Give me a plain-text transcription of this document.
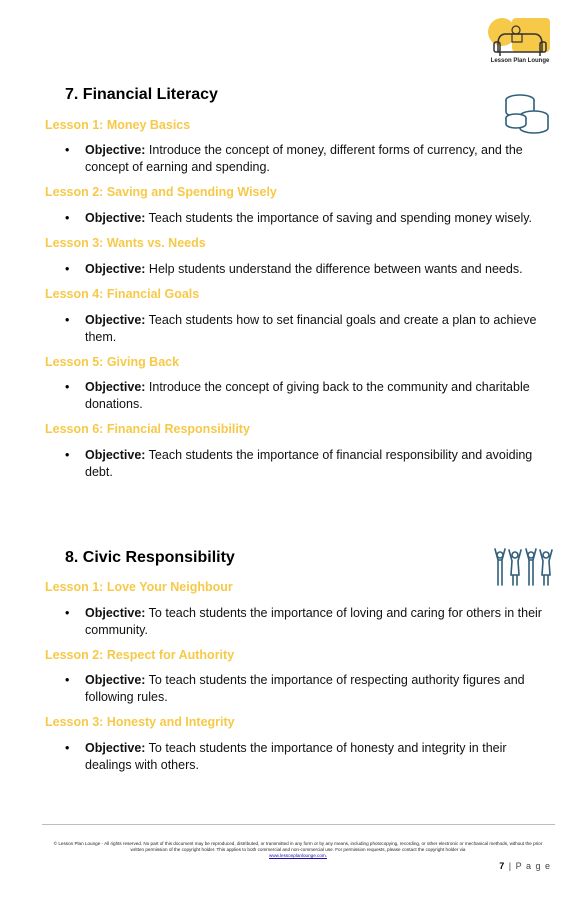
Lesson Plan Lounge
7. Financial Literacy
Lesson 1: Money Basics
• Objective: Introduce the concept of money, different forms of currency, and the concept of earning and spending.
Lesson 2: Saving and Spending Wisely
• Objective: Teach students the importance of saving and spending money wisely.
Lesson 3: Wants vs. Needs
• Objective: Help students understand the difference between wants and needs.
Lesson 4: Financial Goals
• Objective: Teach students how to set financial goals and create a plan to achieve them.
Lesson 5: Giving Back
• Objective: Introduce the concept of giving back to the community and charitable donations.
Lesson 6: Financial Responsibility
• Objective: Teach students the importance of financial responsibility and avoiding debt.
8. Civic Responsibility
Lesson 1: Love Your Neighbour
• Objective: To teach students the importance of loving and caring for others in their community.
Lesson 2: Respect for Authority
• Objective: To teach students the importance of respecting authority figures and following rules.
Lesson 3: Honesty and Integrity
• Objective: To teach students the importance of honesty and integrity in their dealings with others.
© Lesson Plan Lounge - All rights reserved. No part of this document may be reproduced, distributed, or transmitted in any form or by any means, including photocopying, recording, or other electronic or mechanical methods, without the prior written permission of the copyright holder. This applies to both commercial and non-commercial use. For permission requests, please contact the copyright holder via
www.lessonplanlounge.com.
7 | P a g e
